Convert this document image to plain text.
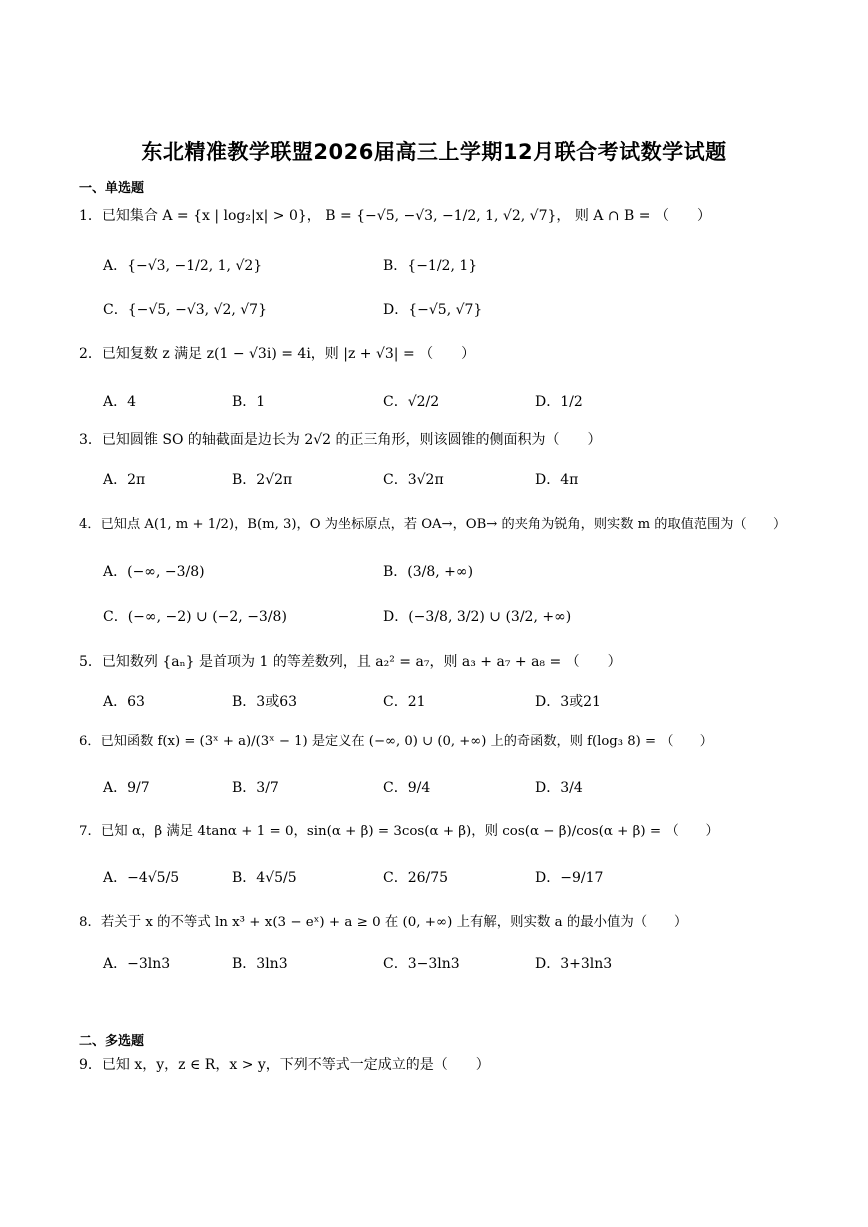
东北精准教学联盟2026届高三上学期12月联合考试数学试题
一、单选题
1．已知集合 A = {x | log₂|x| > 0}， B = {−√5, −√3, −1/2, 1, √2, √7}， 则 A ∩ B = （　　）
A．{−√3, −1/2, 1, √2}	B．{−1/2, 1}
C．{−√5, −√3, √2, √7}	D．{−√5, √7}
2．已知复数 z 满足 z(1 − √3i) = 4i，则 |z + √3| = （　　）
A．4	B．1	C．√2/2	D．1/2
3．已知圆锥 SO 的轴截面是边长为 2√2 的正三角形，则该圆锥的侧面积为（　　）
A．2π	B．2√2π	C．3√2π	D．4π
4．已知点 A(1, m + 1/2)，B(m, 3)，O 为坐标原点，若 OA→，OB→ 的夹角为锐角，则实数 m 的取值范围为（　　）
A．(−∞, −3/8)	B．(3/8, +∞)
C．(−∞, −2) ∪ (−2, −3/8)	D．(−3/8, 3/2) ∪ (3/2, +∞)
5．已知数列 {aₙ} 是首项为 1 的等差数列，且 a₂² = a₇，则 a₃ + a₇ + a₈ = （　　）
A．63	B．3或63	C．21	D．3或21
6．已知函数 f(x) = (3ˣ + a)/(3ˣ − 1) 是定义在 (−∞, 0) ∪ (0, +∞) 上的奇函数，则 f(log₃ 8) = （　　）
A．9/7	B．3/7	C．9/4	D．3/4
7．已知 α，β 满足 4tanα + 1 = 0，sin(α + β) = 3cos(α + β)，则 cos(α − β)/cos(α + β) = （　　）
A．−4√5/5	B．4√5/5	C．26/75	D．−9/17
8．若关于 x 的不等式 ln x³ + x(3 − eˣ) + a ≥ 0 在 (0, +∞) 上有解，则实数 a 的最小值为（　　）
A．−3ln3	B．3ln3	C．3−3ln3	D．3+3ln3
二、多选题
9．已知 x，y，z ∈ R，x > y，下列不等式一定成立的是（　　）
